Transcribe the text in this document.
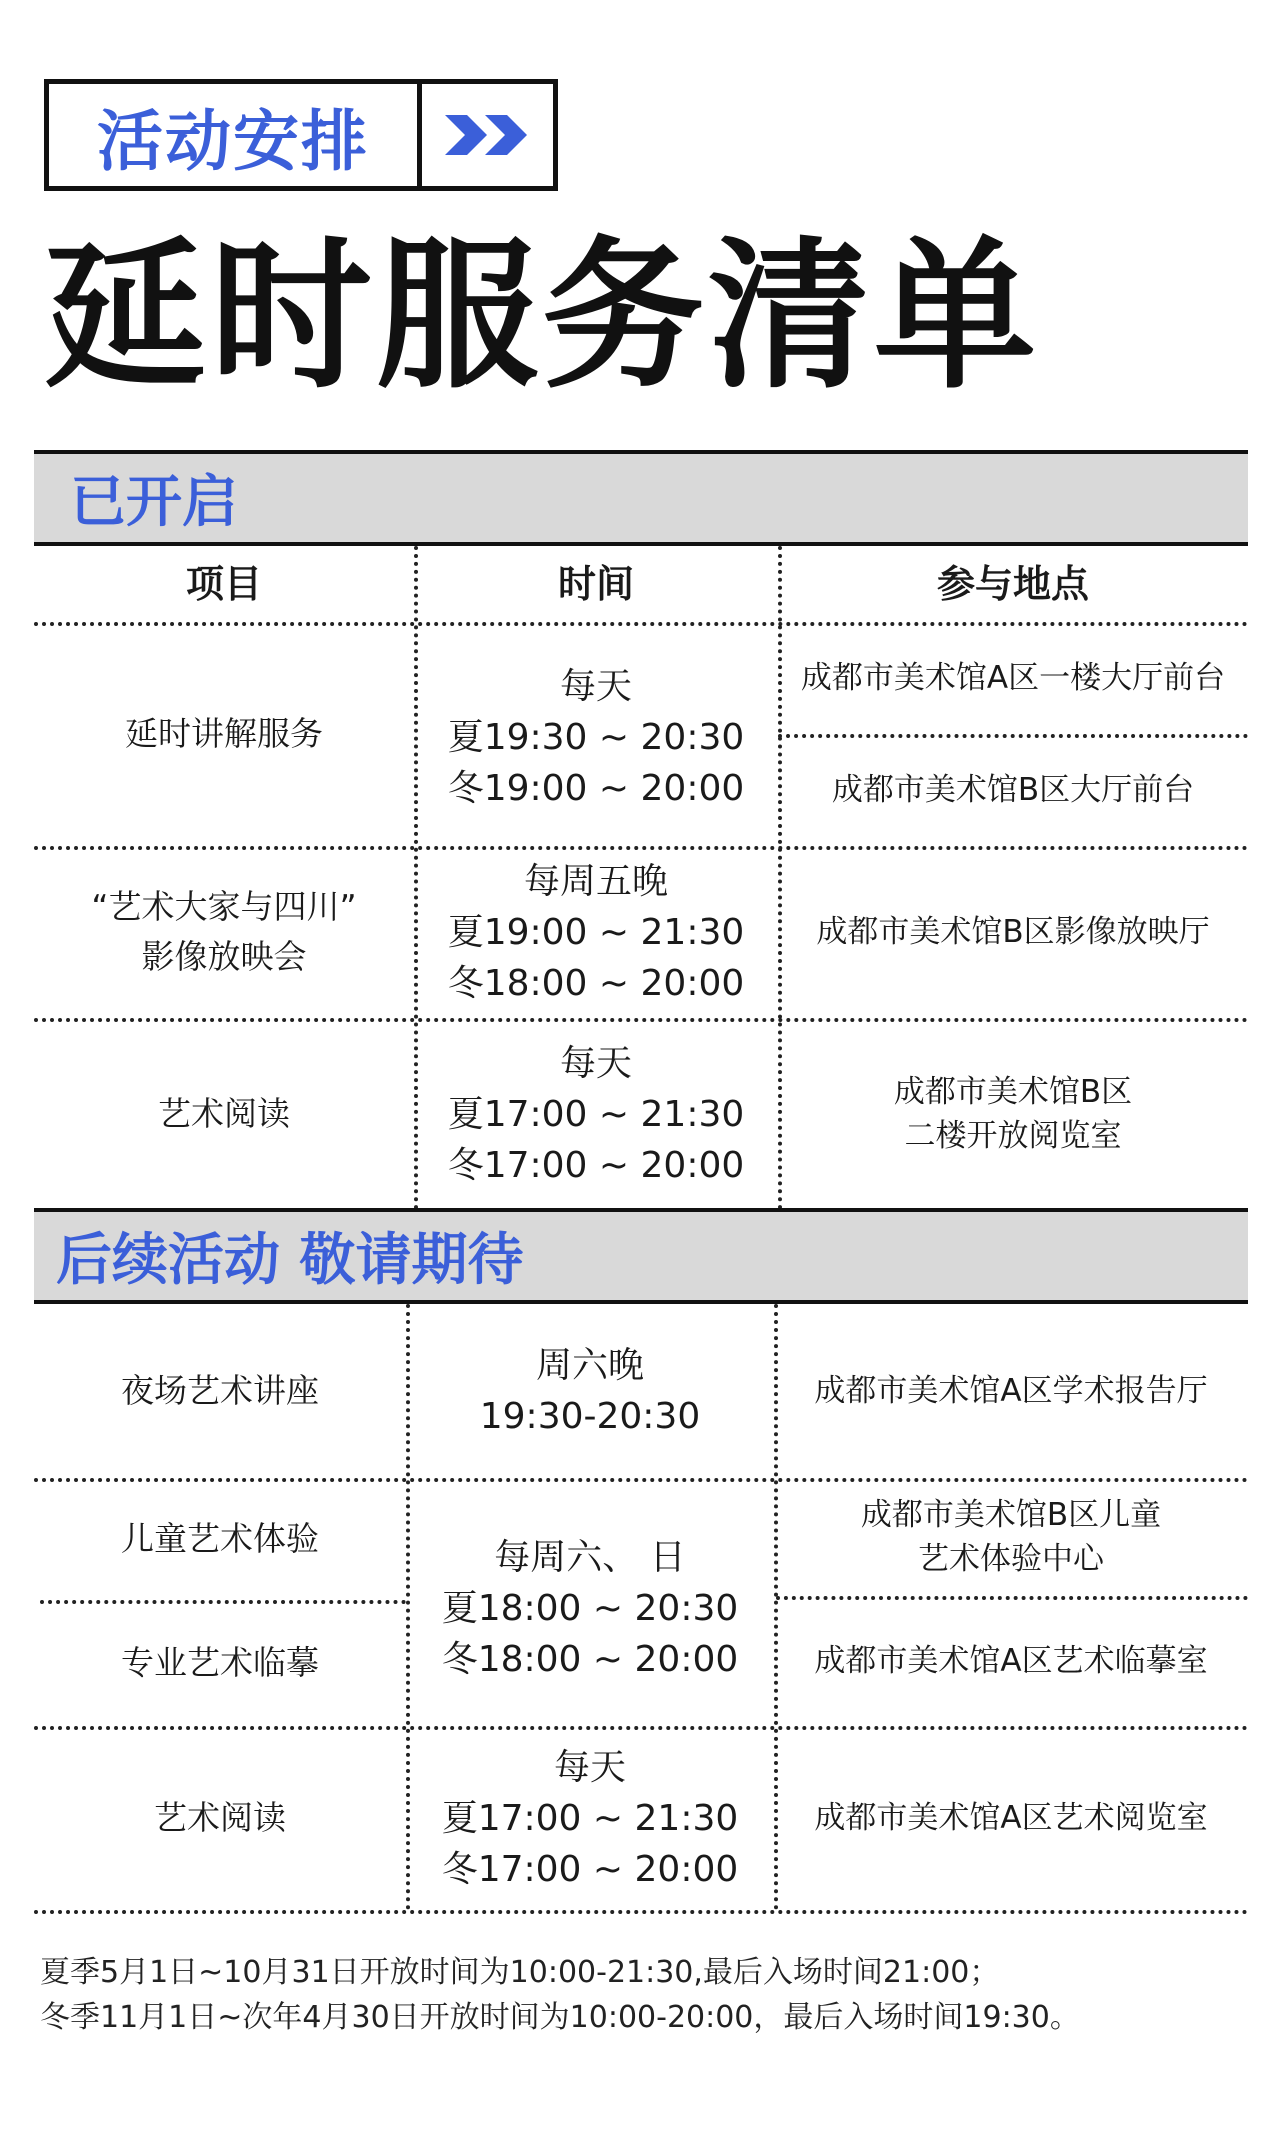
活动安排
延时服务清单
已开启
项目	时间	参与地点
延时讲解服务
每天
夏19:30 ~ 20:30
冬19:00 ~ 20:00
成都市美术馆A区一楼大厅前台
成都市美术馆B区大厅前台
“艺术大家与四川”
影像放映会
每周五晚
夏19:00 ~ 21:30
冬18:00 ~ 20:00
成都市美术馆B区影像放映厅
艺术阅读
每天
夏17:00 ~ 21:30
冬17:00 ~ 20:00
成都市美术馆B区
二楼开放阅览室
后续活动 敬请期待
夜场艺术讲座
周六晚
19:30-20:30
成都市美术馆A区学术报告厅
儿童艺术体验
专业艺术临摹
每周六、 日
夏18:00 ~ 20:30
冬18:00 ~ 20:00
成都市美术馆B区儿童
艺术体验中心
成都市美术馆A区艺术临摹室
艺术阅读
每天
夏17:00 ~ 21:30
冬17:00 ~ 20:00
成都市美术馆A区艺术阅览室
夏季5月1日~10月31日开放时间为10:00-21:30,最后入场时间21:00；
冬季11月1日~次年4月30日开放时间为10:00-20:00，最后入场时间19:30。
